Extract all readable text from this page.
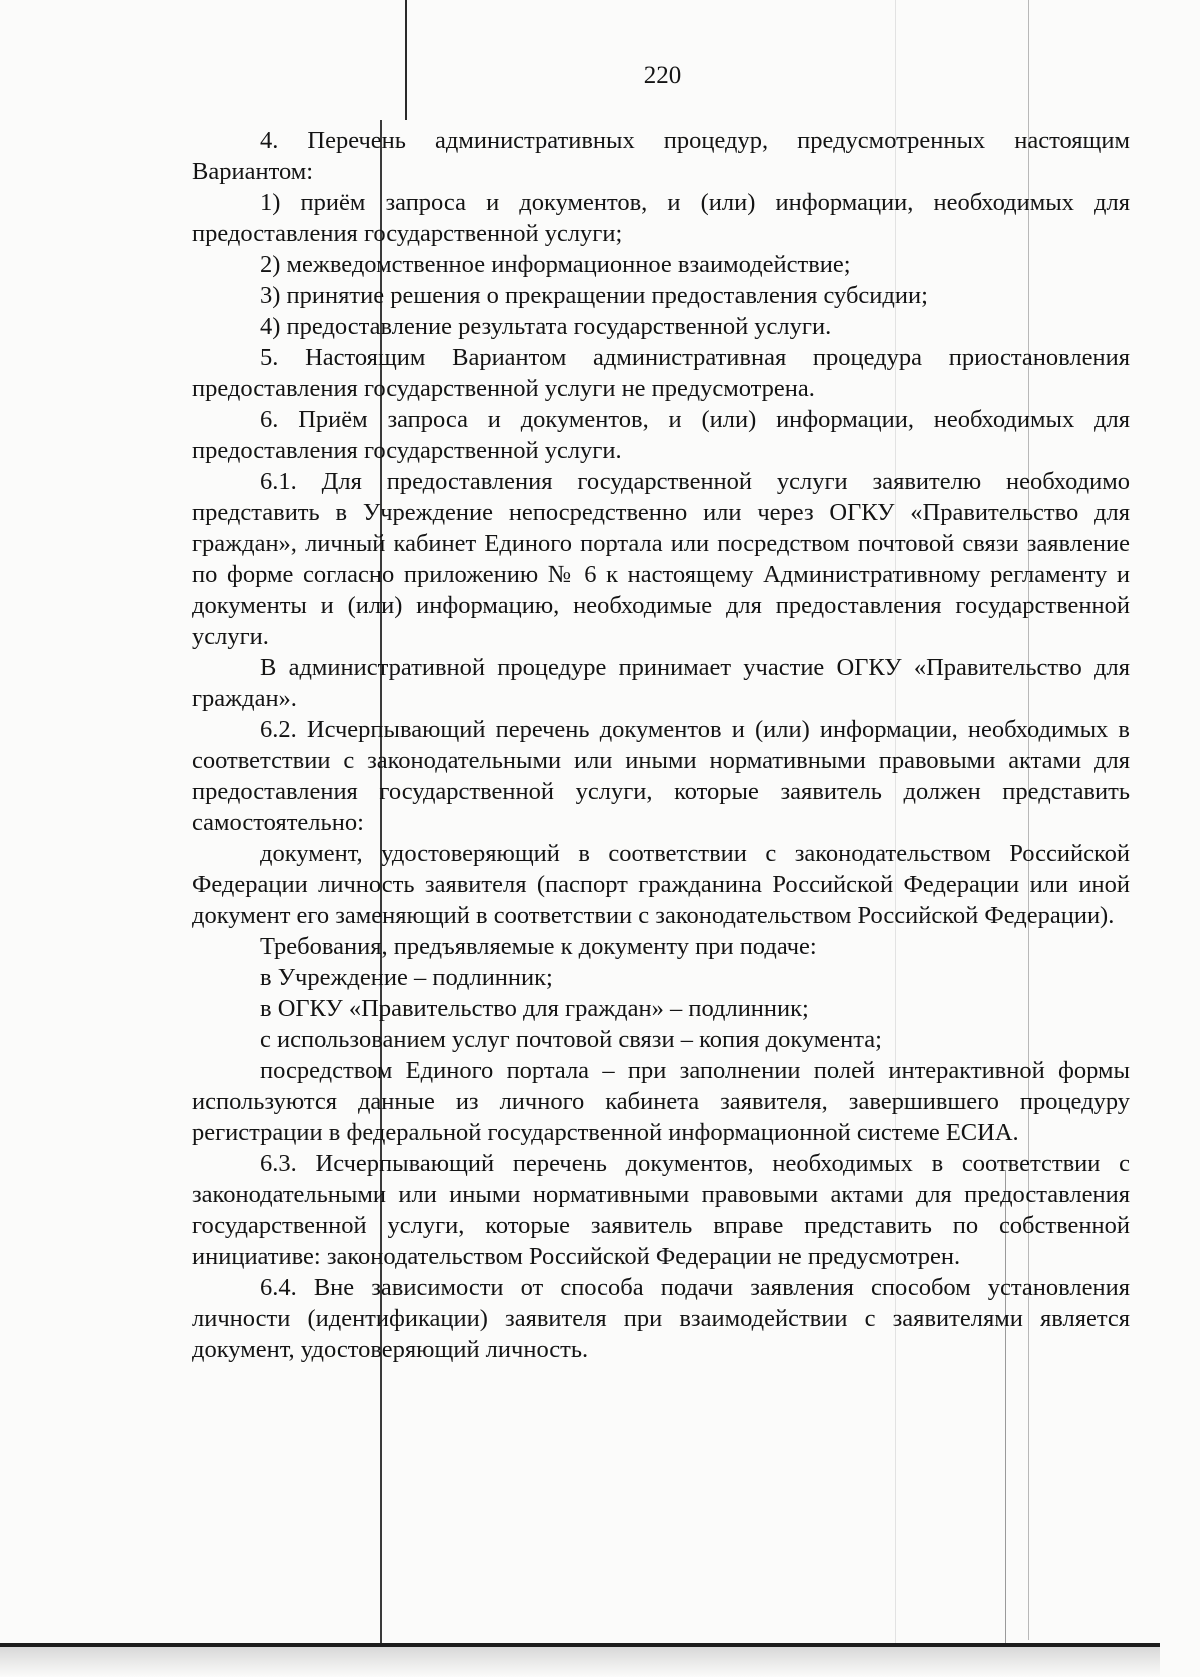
220

4. Перечень административных процедур, предусмотренных настоящим Вариантом:

1) приём запроса и документов, и (или) информации, необходимых для предоставления государственной услуги;

2) межведомственное информационное взаимодействие;

3) принятие решения о прекращении предоставления субсидии;

4) предоставление результата государственной услуги.

5. Настоящим Вариантом административная процедура приостановления предоставления государственной услуги не предусмотрена.

6. Приём запроса и документов, и (или) информации, необходимых для предоставления государственной услуги.

6.1. Для предоставления государственной услуги заявителю необходимо представить в Учреждение непосредственно или через ОГКУ «Правительство для граждан», личный кабинет Единого портала или посредством почтовой связи заявление по форме согласно приложению № 6 к настоящему Административному регламенту и документы и (или) информацию, необходимые для предоставления государственной услуги.

В административной процедуре принимает участие ОГКУ «Правительство для граждан».

6.2. Исчерпывающий перечень документов и (или) информации, необходимых в соответствии с законодательными или иными нормативными правовыми актами для предоставления государственной услуги, которые заявитель должен представить самостоятельно:

документ, удостоверяющий в соответствии с законодательством Российской Федерации личность заявителя (паспорт гражданина Российской Федерации или иной документ его заменяющий в соответствии с законодательством Российской Федерации).

Требования, предъявляемые к документу при подаче:

в Учреждение – подлинник;

в ОГКУ «Правительство для граждан» – подлинник;

с использованием услуг почтовой связи – копия документа;

посредством Единого портала – при заполнении полей интерактивной формы используются данные из личного кабинета заявителя, завершившего процедуру регистрации в федеральной государственной информационной системе ЕСИА.

6.3. Исчерпывающий перечень документов, необходимых в соответствии с законодательными или иными нормативными правовыми актами для предоставления государственной услуги, которые заявитель вправе представить по собственной инициативе: законодательством Российской Федерации не предусмотрен.

6.4. Вне зависимости от способа подачи заявления способом установления личности (идентификации) заявителя при взаимодействии с заявителями является документ, удостоверяющий личность.
